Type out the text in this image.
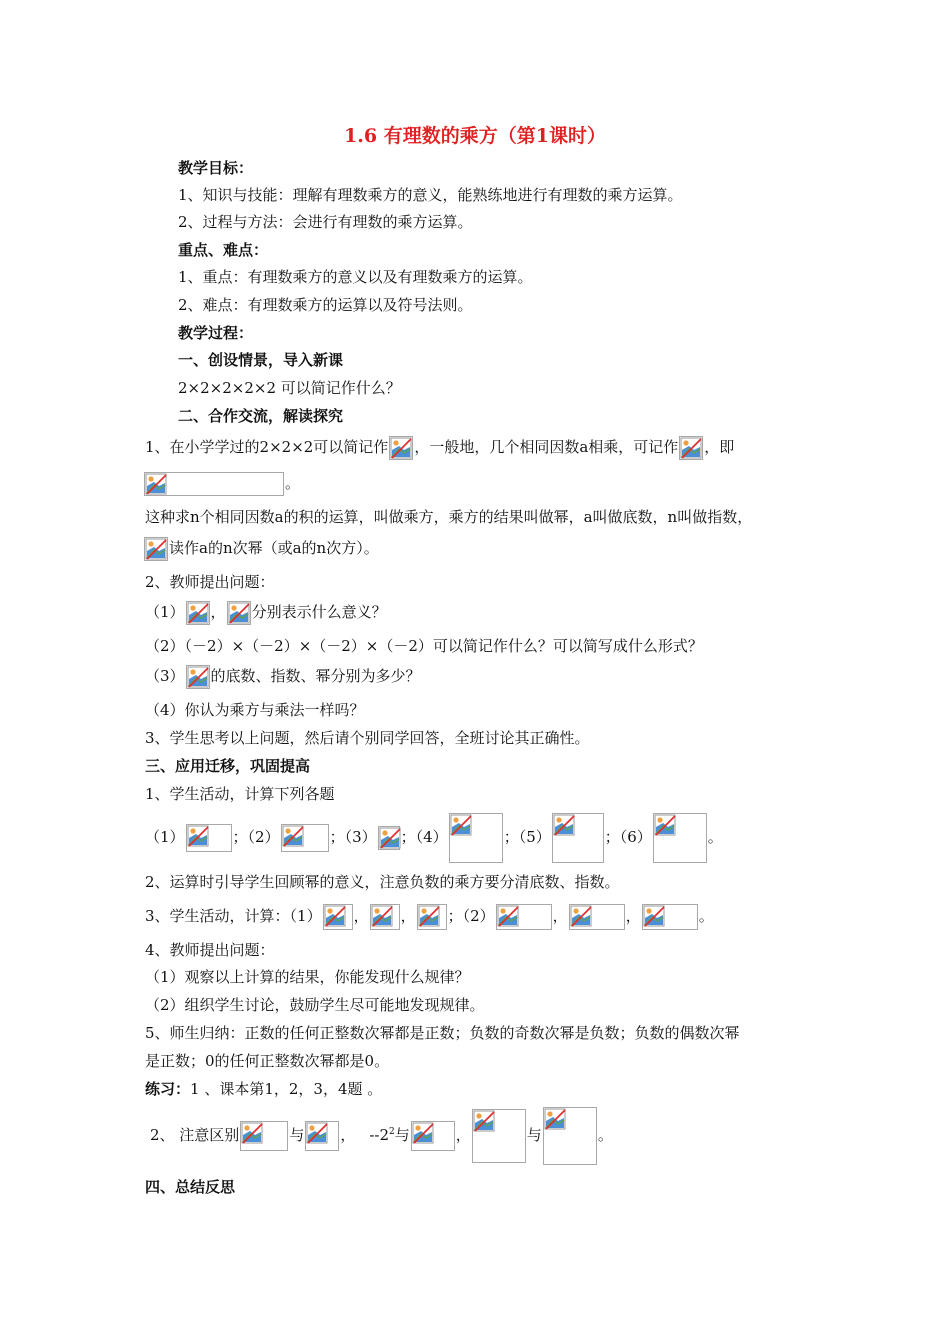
1.6 有理数的乘方（第1课时）
教学目标：
1、知识与技能：理解有理数乘方的意义，能熟练地进行有理数的乘方运算。
2、过程与方法：会进行有理数的乘方运算。
重点、难点：
1、重点：有理数乘方的意义以及有理数乘方的运算。
2、难点：有理数乘方的运算以及符号法则。
教学过程：
一、创设情景，导入新课
2×2×2×2×2 可以简记作什么？
二、合作交流，解读探究
1、在小学学过的2×2×2可以简记作 ，一般地，几个相同因数a相乘，可记作 ，即
。
这种求n个相同因数a的积的运算，叫做乘方，乘方的结果叫做幂，a叫做底数，n叫做指数，
读作a的n次幂（或a的n次方）。
2、教师提出问题：
（1） ， 分别表示什么意义？
（2）（－2）×（－2）×（－2）×（－2）可以简记作什么？可以简写成什么形式？
（3） 的底数、指数、幂分别为多少？
（4）你认为乘方与乘法一样吗？
3、学生思考以上问题，然后请个别同学回答，全班讨论其正确性。
三、应用迁移，巩固提高
1、学生活动，计算下列各题
（1）	；（2）	；（3） ；（4）	；（5）	；（6）	。
2、运算时引导学生回顾幂的意义，注意负数的乘方要分清底数、指数。
3、学生活动，计算：（1） ， ， ；（2）	，	，	。
4、教师提出问题：
（1）观察以上计算的结果，你能发现什么规律？
（2）组织学生讨论，鼓励学生尽可能地发现规律。
5、师生归纳：正数的任何正整数次幂都是正数；负数的奇数次幂是负数；负数的偶数次幂
是正数；0的任何正整数次幂都是0。
练习：1 、课本第1，2，3，4题 。
2、 注意区别	与 ， $--2^2$与	，	与	。
四、总结反思
